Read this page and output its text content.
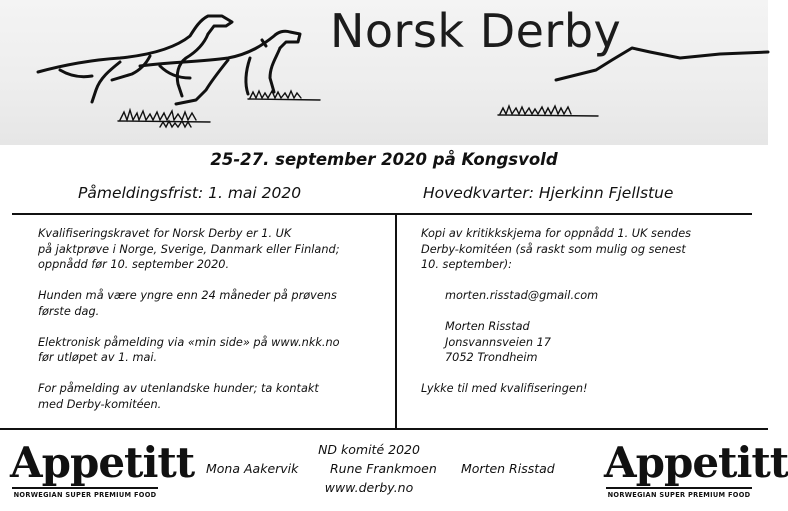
Norsk Derby
25-27. september 2020 på Kongsvold
Påmeldingsfrist: 1. mai 2020	Hovedkvarter: Hjerkinn Fjellstue

Kvalifiseringskravet for Norsk Derby er 1. UK
på jaktprøve i Norge, Sverige, Danmark eller Finland;
oppnådd før 10. september 2020.

Hunden må være yngre enn 24 måneder på prøvens
første dag.

Elektronisk påmelding via «min side» på www.nkk.no
før utløpet av 1. mai.

For påmelding av utenlandske hunder; ta kontakt
med Derby-komitéen.

Kopi av kritikkskjema for oppnådd 1. UK sendes
Derby-komitéen (så raskt som mulig og senest
10. september):

morten.risstad@gmail.com

Morten Risstad
Jonsvannsveien 17
7052 Trondheim

Lykke til med kvalifiseringen!

Appetitt
NORWEGIAN SUPER PREMIUM FOOD
ND komité 2020
Mona Aakervik	Rune Frankmoen Morten Risstad
www.derby.no
Appetitt
NORWEGIAN SUPER PREMIUM FOOD
